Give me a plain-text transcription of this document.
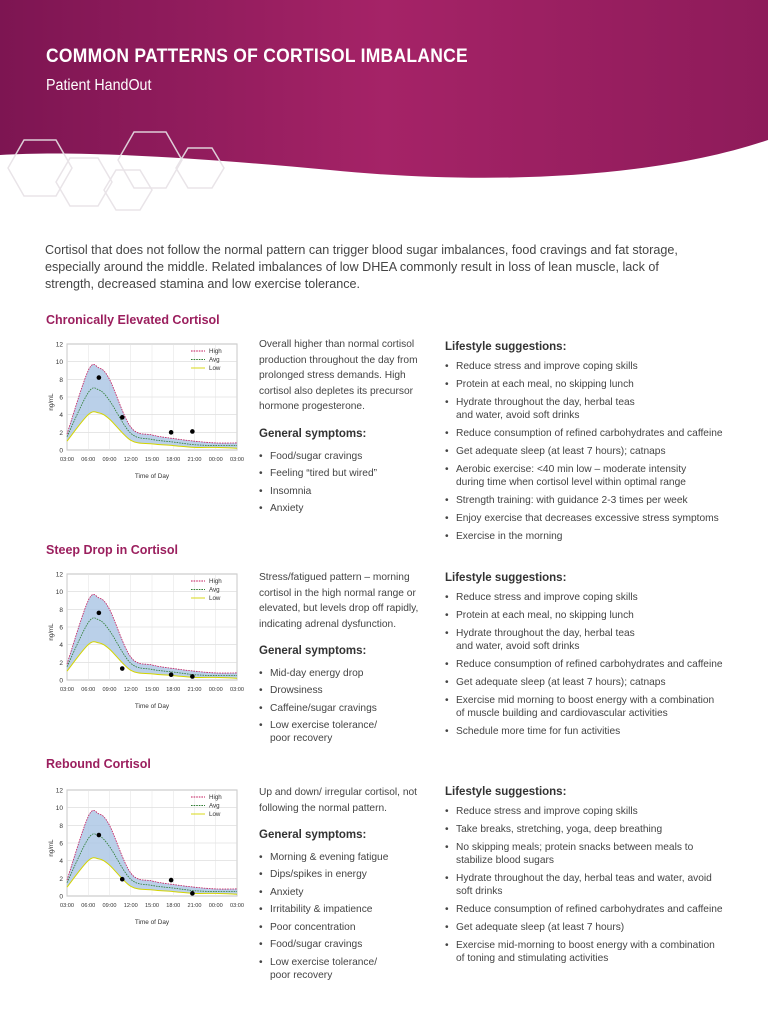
COMMON PATTERNS OF CORTISOL IMBALANCE
Patient HandOut
Cortisol that does not follow the normal pattern can trigger blood sugar imbalances, food cravings and fat storage, especially around the middle. Related imbalances of low DHEA commonly result in loss of lean muscle, lack of strength, decreased stamina and low exercise tolerance.
Chronically Elevated Cortisol
0
2
4
6
8
10
12
03:00 06:00 09:00 12:00 15:00 18:00 21:00 00:00 03:00
High
Avg
Low
ng/mL
Time of Day
Overall higher than normal cortisol production throughout the day from prolonged stress demands. High cortisol also depletes its precursor hormone progesterone.
General symptoms:
• Food/sugar cravings
• Feeling “tired but wired”
• Insomnia
• Anxiety
Lifestyle suggestions:
• Reduce stress and improve coping skills
• Protein at each meal, no skipping lunch
• Hydrate throughout the day, herbal teas
and water, avoid soft drinks
• Reduce consumption of refined carbohydrates and caffeine
• Get adequate sleep (at least 7 hours); catnaps
• Aerobic exercise: <40 min low – moderate intensity
during time when cortisol level within optimal range
• Strength training: with guidance 2-3 times per week
• Enjoy exercise that decreases excessive stress symptoms
• Exercise in the morning
Steep Drop in Cortisol
0
2
4
6
8
10
12
03:00 06:00 09:00 12:00 15:00 18:00 21:00 00:00 03:00
High
Avg
Low
ng/mL
Time of Day
Stress/fatigued pattern – morning cortisol in the high normal range or elevated, but levels drop off rapidly, indicating adrenal dysfunction.
General symptoms:
• Mid-day energy drop
• Drowsiness
• Caffeine/sugar cravings
• Low exercise tolerance/
poor recovery
Lifestyle suggestions:
• Reduce stress and improve coping skills
• Protein at each meal, no skipping lunch
• Hydrate throughout the day, herbal teas
and water, avoid soft drinks
• Reduce consumption of refined carbohydrates and caffeine
• Get adequate sleep (at least 7 hours); catnaps
• Exercise mid morning to boost energy with a combination
of muscle building and cardiovascular activities
• Schedule more time for fun activities
Rebound Cortisol
0
2
4
6
8
10
12
03:00 06:00 09:00 12:00 15:00 18:00 21:00 00:00 03:00
High
Avg
Low
ng/mL
Time of Day
Up and down/ irregular cortisol, not following the normal pattern.
General symptoms:
• Morning & evening fatigue
• Dips/spikes in energy
• Anxiety
• Irritability & impatience
• Poor concentration
• Food/sugar cravings
• Low exercise tolerance/
poor recovery
Lifestyle suggestions:
• Reduce stress and improve coping skills
• Take breaks, stretching, yoga, deep breathing
• No skipping meals; protein snacks between meals to
stabilize blood sugars
• Hydrate throughout the day, herbal teas and water, avoid
soft drinks
• Reduce consumption of refined carbohydrates and caffeine
• Get adequate sleep (at least 7 hours)
• Exercise mid-morning to boost energy with a combination
of toning and stimulating activities
